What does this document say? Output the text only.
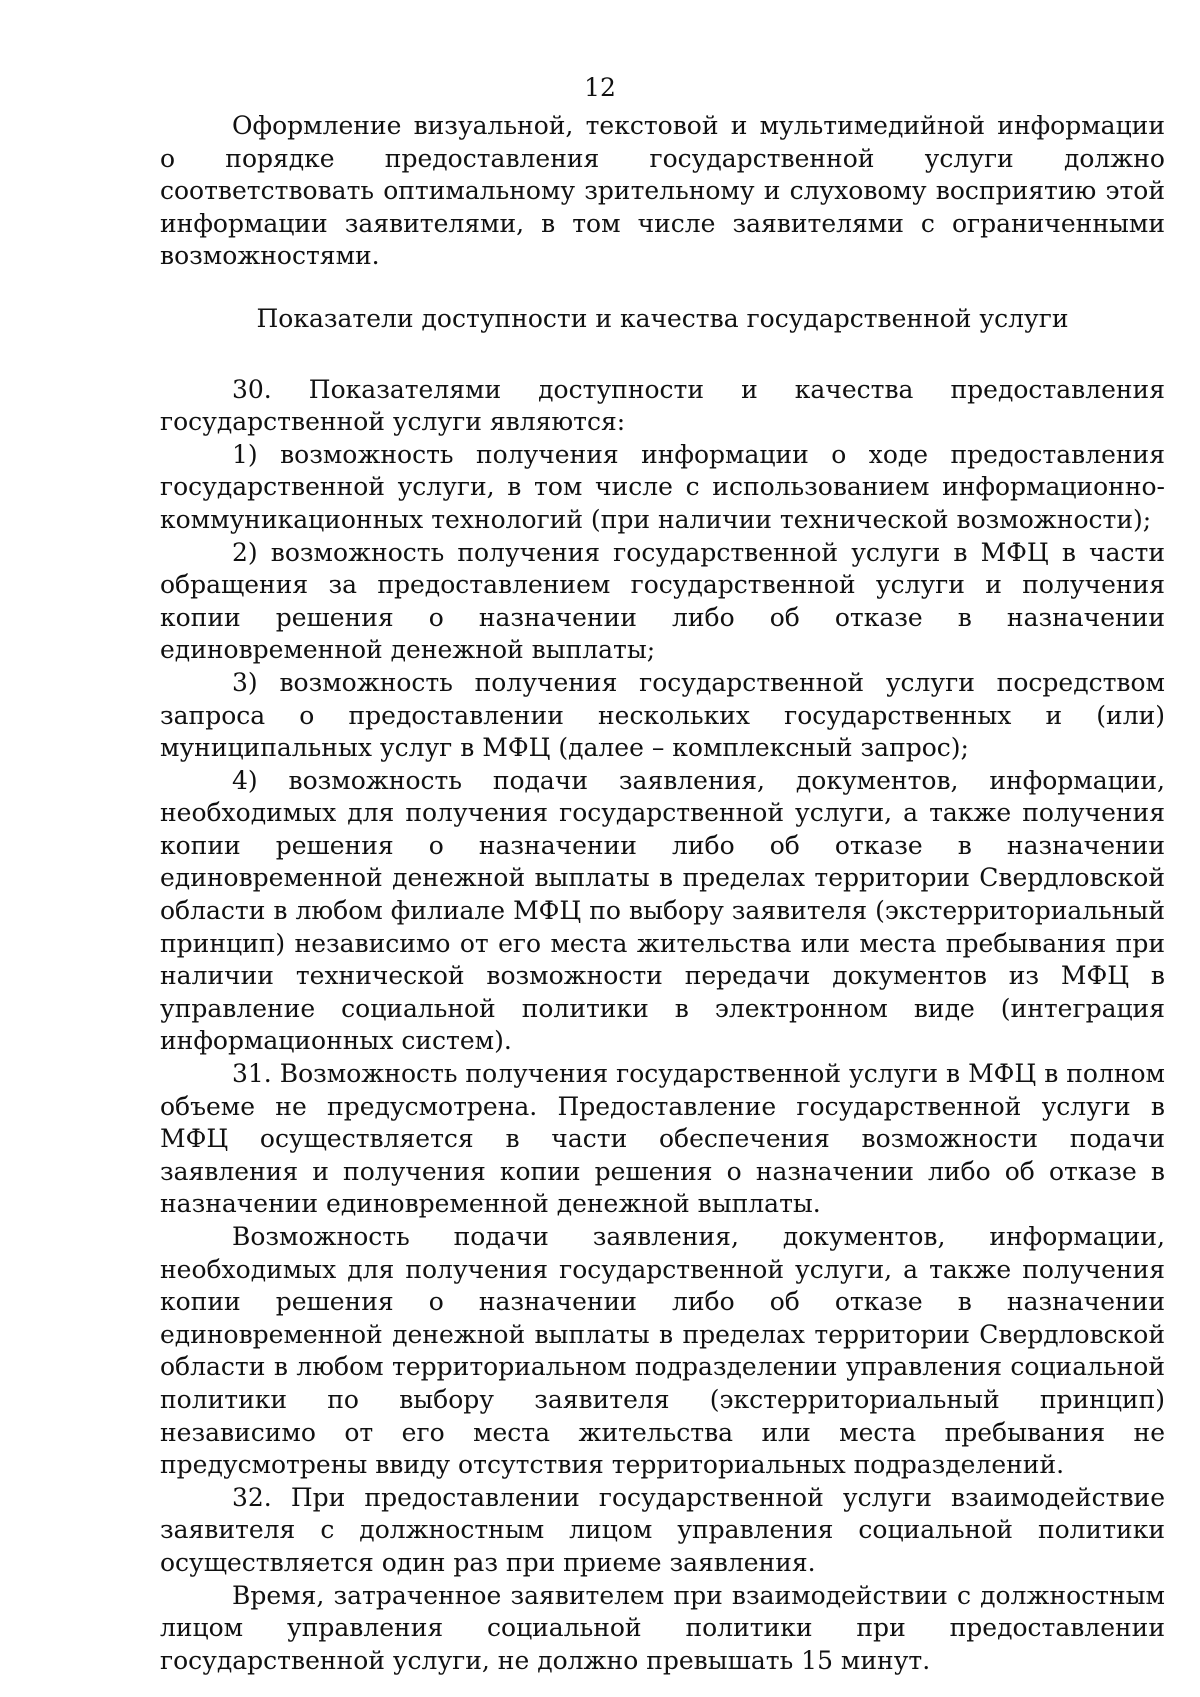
12

Оформление визуальной, текстовой и мультимедийной информации о порядке предоставления государственной услуги должно соответствовать оптимальному зрительному и слуховому восприятию этой информации заявителями, в том числе заявителями с ограниченными возможностями.

Показатели доступности и качества государственной услуги

30. Показателями доступности и качества предоставления государственной услуги являются:

1) возможность получения информации о ходе предоставления государственной услуги, в том числе с использованием информационно-коммуникационных технологий (при наличии технической возможности);

2) возможность получения государственной услуги в МФЦ в части обращения за предоставлением государственной услуги и получения копии решения о назначении либо об отказе в назначении единовременной денежной выплаты;

3) возможность получения государственной услуги посредством запроса о предоставлении нескольких государственных и (или) муниципальных услуг в МФЦ (далее – комплексный запрос);

4) возможность подачи заявления, документов, информации, необходимых для получения государственной услуги, а также получения копии решения о назначении либо об отказе в назначении единовременной денежной выплаты в пределах территории Свердловской области в любом филиале МФЦ по выбору заявителя (экстерриториальный принцип) независимо от его места жительства или места пребывания при наличии технической возможности передачи документов из МФЦ в управление социальной политики в электронном виде (интеграция информационных систем).

31. Возможность получения государственной услуги в МФЦ в полном объеме не предусмотрена. Предоставление государственной услуги в МФЦ осуществляется в части обеспечения возможности подачи заявления и получения копии решения о назначении либо об отказе в назначении единовременной денежной выплаты.

Возможность подачи заявления, документов, информации, необходимых для получения государственной услуги, а также получения копии решения о назначении либо об отказе в назначении единовременной денежной выплаты в пределах территории Свердловской области в любом территориальном подразделении управления социальной политики по выбору заявителя (экстерриториальный принцип) независимо от его места жительства или места пребывания не предусмотрены ввиду отсутствия территориальных подразделений.

32. При предоставлении государственной услуги взаимодействие заявителя с должностным лицом управления социальной политики осуществляется один раз при приеме заявления.

Время, затраченное заявителем при взаимодействии с должностным лицом управления социальной политики при предоставлении государственной услуги, не должно превышать 15 минут.
